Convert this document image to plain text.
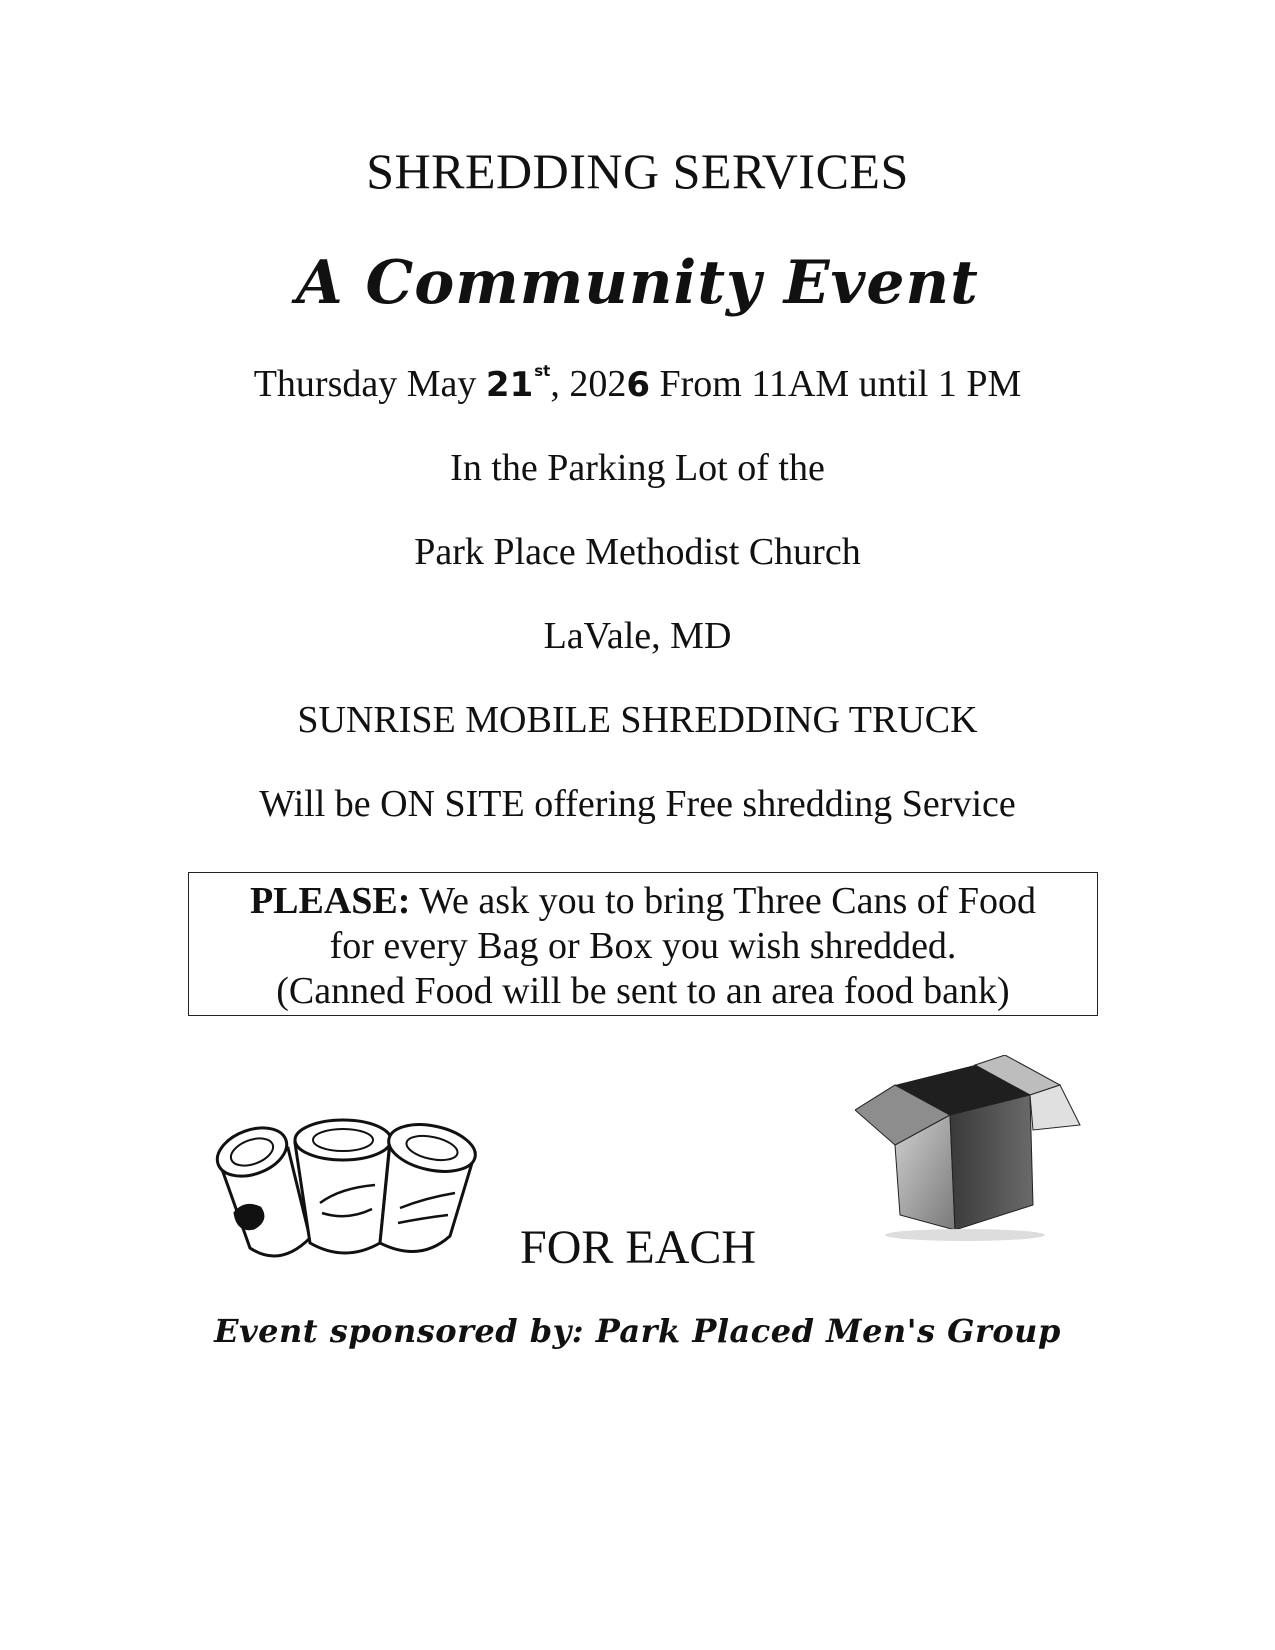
SHREDDING SERVICES
A Community Event
Thursday May 21st, 2026 From 11AM until 1 PM
In the Parking Lot of the
Park Place Methodist Church
LaVale, MD
SUNRISE MOBILE SHREDDING TRUCK
Will be ON SITE offering Free shredding Service
PLEASE: We ask you to bring Three Cans of Food
for every Bag or Box you wish shredded.
(Canned Food will be sent to an area food bank)
FOR EACH
Event sponsored by: Park Placed Men's Group
